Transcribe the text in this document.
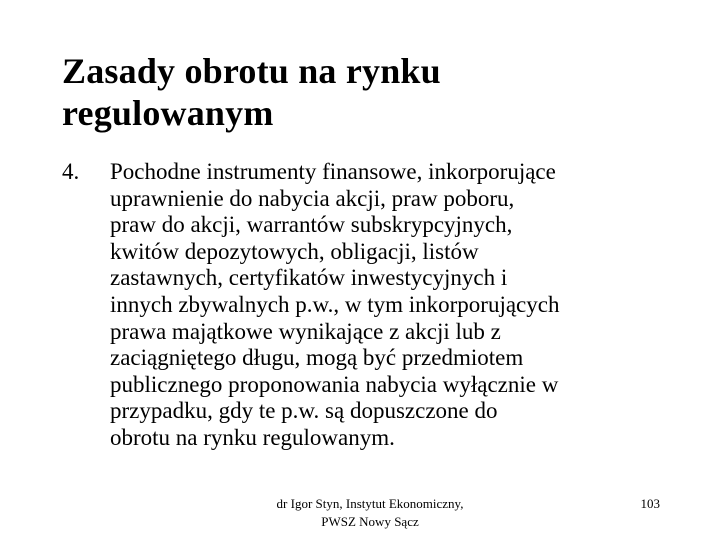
Zasady obrotu na rynku
regulowanym
4. Pochodne instrumenty finansowe, inkorporujące
uprawnienie do nabycia akcji, praw poboru,
praw do akcji, warrantów subskrypcyjnych,
kwitów depozytowych, obligacji, listów
zastawnych, certyfikatów inwestycyjnych i
innych zbywalnych p.w., w tym inkorporujących
prawa majątkowe wynikające z akcji lub z
zaciągniętego długu, mogą być przedmiotem
publicznego proponowania nabycia wyłącznie w
przypadku, gdy te p.w. są dopuszczone do
obrotu na rynku regulowanym.
dr Igor Styn, Instytut Ekonomiczny,
PWSZ Nowy Sącz
103
